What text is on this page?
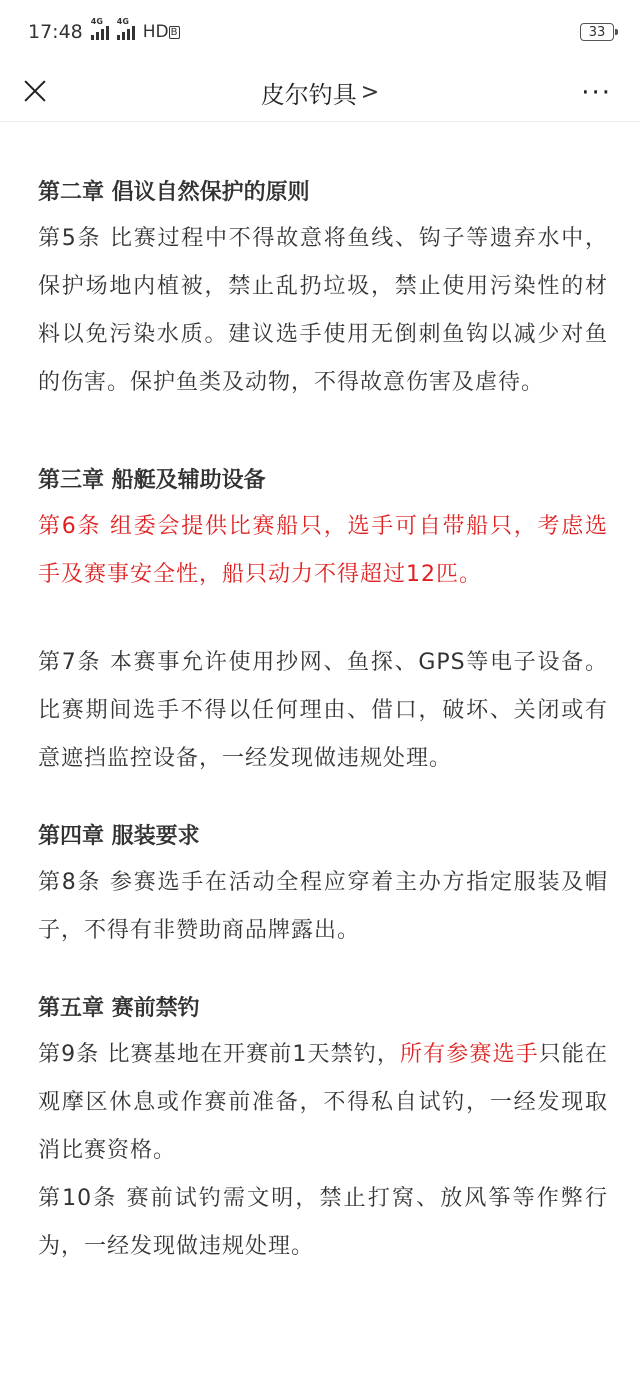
17:48 4G 4G
HD B	33
皮尔钓具 >	···
第二章 倡议自然保护的原则
第5条 比赛过程中不得故意将鱼线、钩子等遗弃水中，保护场地内植被，禁止乱扔垃圾，禁止使用污染性的材料以免污染水质。建议选手使用无倒刺鱼钩以减少对鱼的伤害。保护鱼类及动物，不得故意伤害及虐待。
第三章 船艇及辅助设备
第6条 组委会提供比赛船只，选手可自带船只，考虑选手及赛事安全性，船只动力不得超过12匹。
第7条 本赛事允许使用抄网、鱼探、GPS等电子设备。比赛期间选手不得以任何理由、借口，破坏、关闭或有意遮挡监控设备，一经发现做违规处理。
第四章 服装要求
第8条 参赛选手在活动全程应穿着主办方指定服装及帽子，不得有非赞助商品牌露出。
第五章 赛前禁钓
第9条 比赛基地在开赛前1天禁钓，所有参赛选手只能在观摩区休息或作赛前准备，不得私自试钓，一经发现取消比赛资格。
第10条 赛前试钓需文明，禁止打窝、放风筝等作弊行为，一经发现做违规处理。
